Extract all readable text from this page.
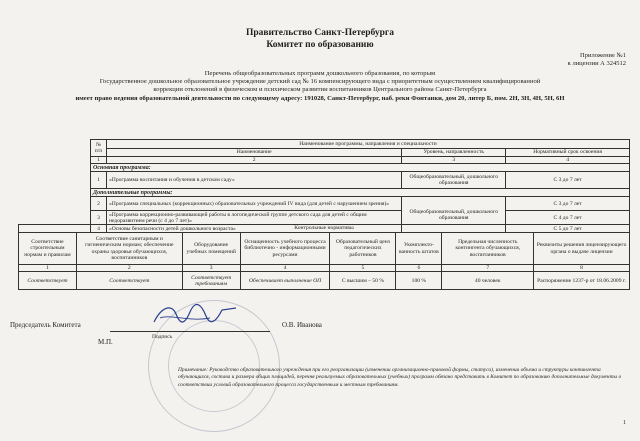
Правительство Санкт-Петербурга
Комитет по образованию
Приложение №1
к лицензии А 324512
Перечень общеобразовательных программ дошкольного образования, по которым
Государственное дошкольное образовательное учреждение детский сад № 16 компенсирующего вида с приоритетным осуществлением квалифицированной
коррекции отклонений в физическом и психическом развитии воспитанников Центрального района Санкт-Петербурга
имеет право ведения образовательной деятельности по следующему адресу: 191028, Санкт-Петербург, наб. реки Фонтанки, дом 20, литер Б, пом. 2Н, 3Н, 4Н, 5Н, 6Н
№ п/п	Наименование программы, направления и специальности		
	Наименование	Уровень, направленность	Нормативный срок освоения
1	2	3	4
Основная программа:			
1	«Программа воспитания и обучения в детском саду»	Общеобразовательный, дошкольного образования	С 3 до 7 лет
Дополнительные программы:			
2	«Программа специальных (коррекционных) образовательных учреждений IV вида (для детей с нарушением зрения)»	Общеобразовательный, дошкольного образования	С 3 до 7 лет
3	«Программа коррекционно-развивающей работы в логопедической группе детского сада для детей с общим недоразвитием речи (с 4 до 7 лет)»		С 4 до 7 лет
4	«Основы безопасности детей дошкольного возраста»		С 5 до 7 лет
Контрольные нормативы							
Соответствие строительным нормам и правилам	Соответствие санитарным и гигиеническим нормам; обеспечение охраны здоровья обучающихся, воспитанников	Оборудование учебных помещений	Оснащенность учебного процесса библиотечно - информационными ресурсами	Образовательный ценз педагогических работников	Укомплекто-ванность штатов	Предельная численность контингента обучающихся, воспитанников	Реквизиты решения лицензирующего органа о выдаче лицензии
1	2	3	4	5	6	7	8
Соответствует	Соответствует	Соответствует требованиям	Обеспечивает выполнение ОП	С высшим – 50 %	100 %	40 человек	Распоряжение 1237-р от 18.06.2009 г.
Председатель Комитета	О.В. Иванова
Подпись
М.П.
Примечание: Руководство образовательного учреждения при его реорганизации (изменении организационно-правовой формы, статуса), изменении объема и структуры контингента обучающихся, состава и размера общих площадей, перечня реализуемых образовательных (учебных) программ обязано представить в Комитет по образованию дополнительные документы о соответствии условий образовательного процесса государственным и местным требованиям.
1
